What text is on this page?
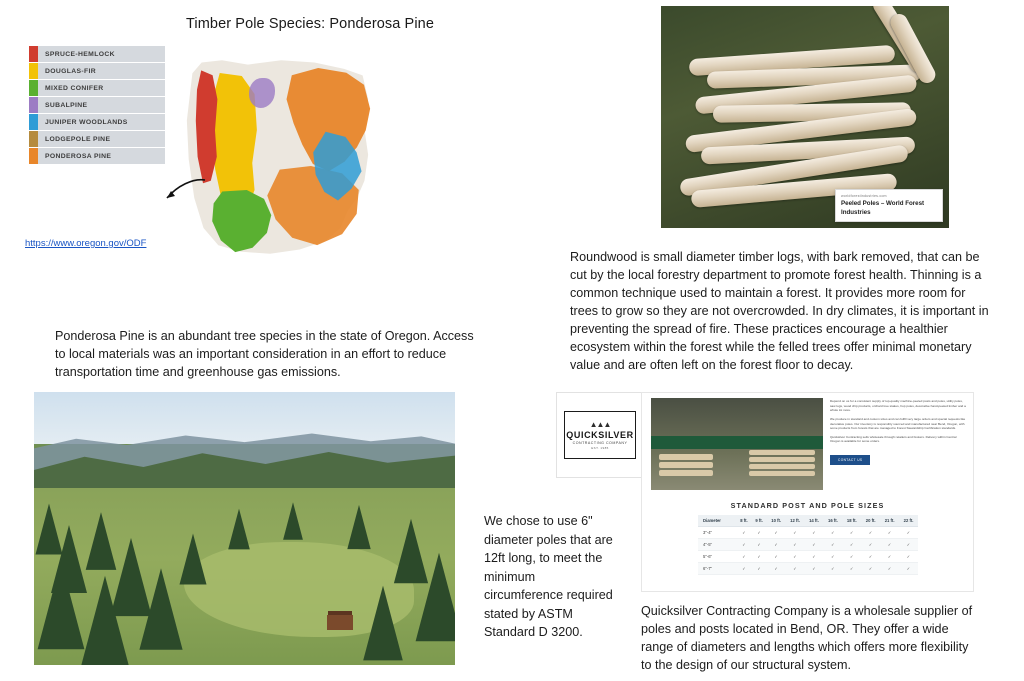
Timber Pole Species: Ponderosa Pine
SPRUCE-HEMLOCK
DOUGLAS-FIR
MIXED CONIFER
SUBALPINE
JUNIPER WOODLANDS
LODGEPOLE PINE
PONDEROSA PINE
https://www.oregon.gov/ODF
worldforestindustries.com
Peeled Poles – World Forest Industries
Roundwood is small diameter timber logs, with bark removed, that can be cut by the local forestry department to promote forest health. Thinning is a common technique used to maintain a forest. It provides more room for trees to grow so they are not overcrowded. In dry climates, it is important in preventing the spread of fire. These practices encourage a healthier ecosystem within the forest while the felled trees offer minimal monetary value and are often left on the forest floor to decay.
Ponderosa Pine is an abundant tree species in the state of Oregon. Access to local materials was an important consideration in an effort to reduce transportation time and greenhouse gas emissions.
We chose to use 6" diameter poles that are 12ft long, to meet the minimum circumference required stated by ASTM Standard D 3200.
▲▲▲
QUICKSILVER
CONTRACTING COMPANY
EST. 1985
Depend on us for a consistent supply of top-quality machine-peeled posts and poles, utility poles, saw logs, wood chip products, orchard tree stakes, hop poles, decorative hand-peeled timber and a whole lot more.
We produce in standard and custom sizes and can fulfill very large orders and special requests like decorative poles. Our inventory is responsibly sourced and manufactured near Bend, Oregon, with some products from forests that are managed to Forest Stewardship Certification standards.
Quicksilver Contracting sells wholesale through retailers and brokers. Delivery within Central Oregon is available for some orders.
CONTACT US
STANDARD POST AND POLE SIZES
Diameter	8 ft.	9 ft.	10 ft.	12 ft.	14 ft.	16 ft.	18 ft.	20 ft.	21 ft.	22 ft.
3"-4"	✓	✓	✓	✓	✓	✓	✓	✓	✓	✓
4"-5"	✓	✓	✓	✓	✓	✓	✓	✓	✓	✓
5"-6"	✓	✓	✓	✓	✓	✓	✓	✓	✓	✓
6"-7"	✓	✓	✓	✓	✓	✓	✓	✓	✓	✓
Quicksilver Contracting Company is a wholesale supplier of poles and posts located in Bend, OR. They offer a wide range of diameters and lengths which offers more flexibility to the design of our structural system.
